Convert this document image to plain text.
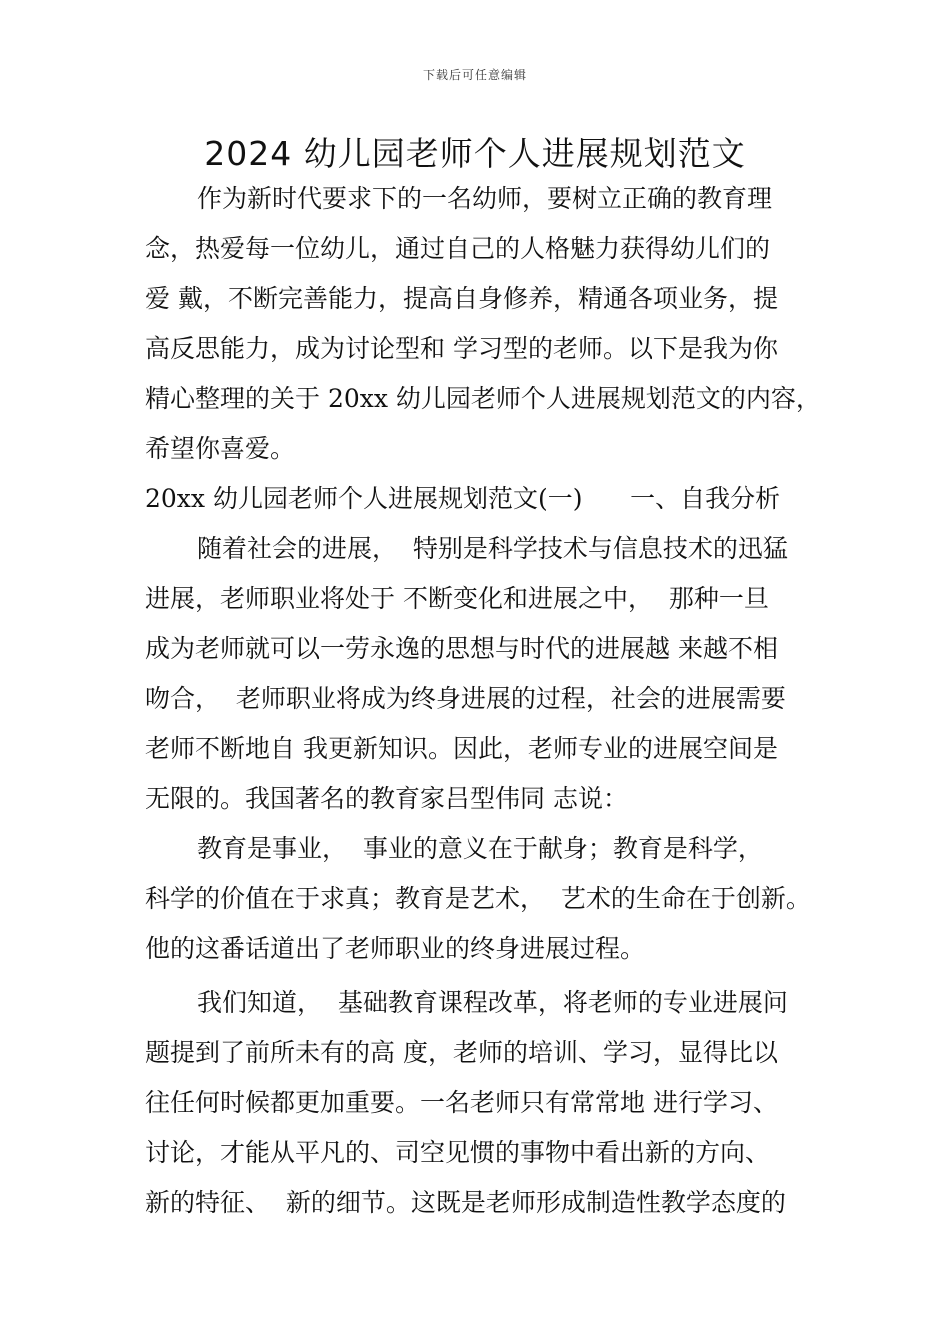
下载后可任意编辑
2024 幼儿园老师个人进展规划范文
作为新时代要求下的一名幼师，要树立正确的教育理
念，热爱每一位幼儿，通过自己的人格魅力获得幼儿们的
爱 戴，不断完善能力，提高自身修养，精通各项业务，提
高反思能力，成为讨论型和 学习型的老师。以下是我为你
精心整理的关于 20xx 幼儿园老师个人进展规划范文的内容，
希望你喜爱。
20xx 幼儿园老师个人进展规划范文(一)      一、自我分析
随着社会的进展，  特别是科学技术与信息技术的迅猛
进展，老师职业将处于 不断变化和进展之中，  那种一旦
成为老师就可以一劳永逸的思想与时代的进展越 来越不相
吻合，  老师职业将成为终身进展的过程，社会的进展需要
老师不断地自 我更新知识。因此，老师专业的进展空间是
无限的。我国著名的教育家吕型伟同 志说：
教育是事业，  事业的意义在于献身；教育是科学，
科学的价值在于求真；教育是艺术，  艺术的生命在于创新。
他的这番话道出了老师职业的终身进展过程。
我们知道，  基础教育课程改革，将老师的专业进展问
题提到了前所未有的高 度，老师的培训、学习，显得比以
往任何时候都更加重要。一名老师只有常常地 进行学习、
讨论，才能从平凡的、司空见惯的事物中看出新的方向、
新的特征、  新的细节。这既是老师形成制造性教学态度的
